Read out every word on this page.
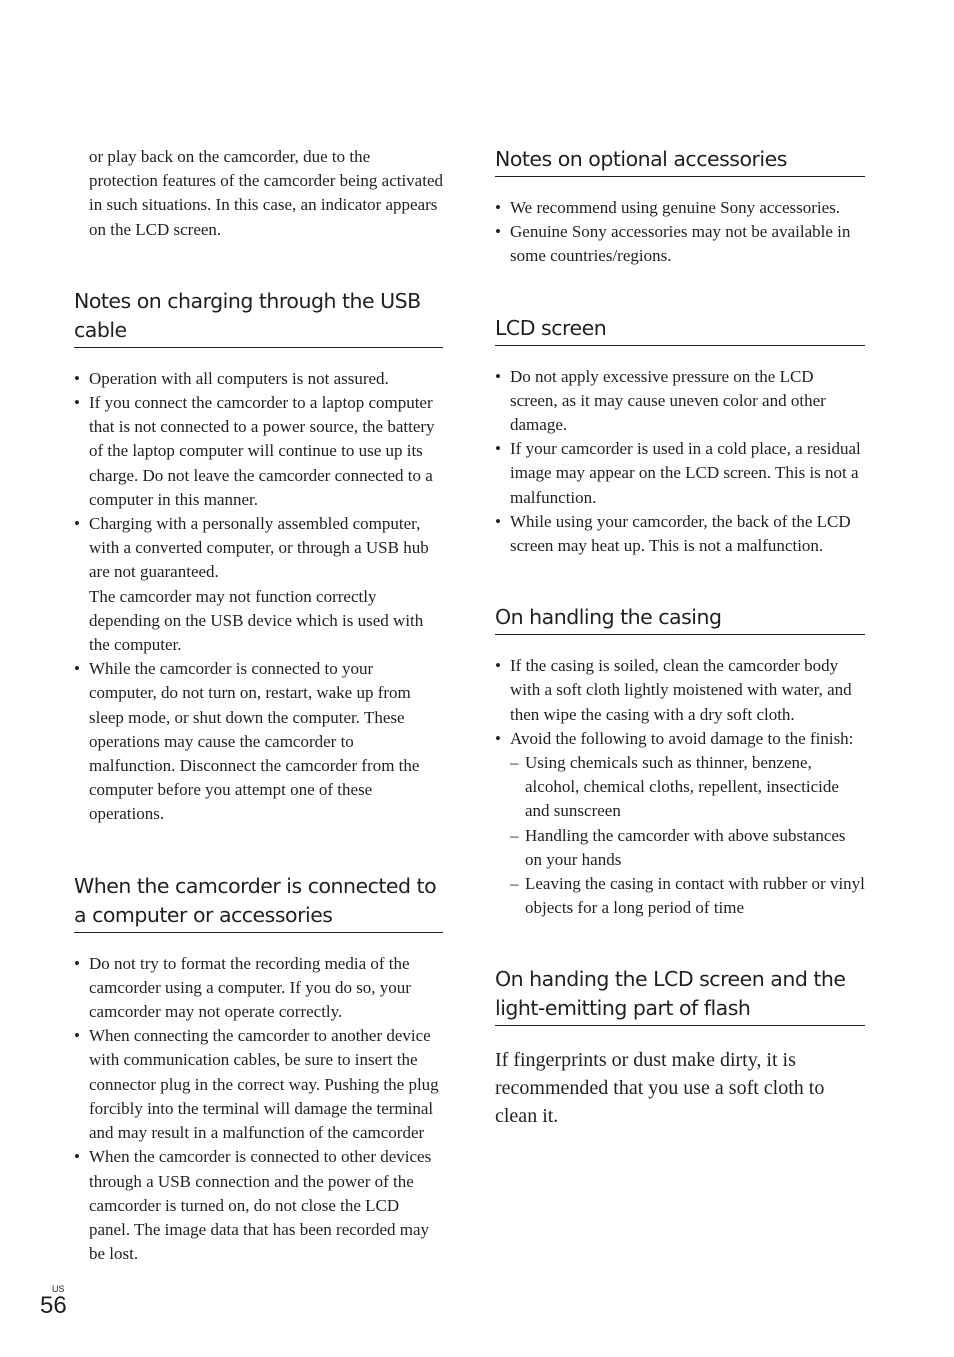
or play back on the camcorder, due to the protection features of the camcorder being activated in such situations. In this case, an indicator appears on the LCD screen.

Notes on charging through the USB cable
• Operation with all computers is not assured.
• If you connect the camcorder to a laptop computer that is not connected to a power source, the battery of the laptop computer will continue to use up its charge. Do not leave the camcorder connected to a computer in this manner.
• Charging with a personally assembled computer, with a converted computer, or through a USB hub are not guaranteed.
The camcorder may not function correctly depending on the USB device which is used with the computer.
• While the camcorder is connected to your computer, do not turn on, restart, wake up from sleep mode, or shut down the computer. These operations may cause the camcorder to malfunction. Disconnect the camcorder from the computer before you attempt one of these operations.
When the camcorder is connected to a computer or accessories
• Do not try to format the recording media of the camcorder using a computer. If you do so, your camcorder may not operate correctly.
• When connecting the camcorder to another device with communication cables, be sure to insert the connector plug in the correct way. Pushing the plug forcibly into the terminal will damage the terminal and may result in a malfunction of the camcorder
• When the camcorder is connected to other devices through a USB connection and the power of the camcorder is turned on, do not close the LCD panel. The image data that has been recorded may be lost.
Notes on optional accessories
• We recommend using genuine Sony accessories.
• Genuine Sony accessories may not be available in some countries/regions.
LCD screen
• Do not apply excessive pressure on the LCD screen, as it may cause uneven color and other damage.
• If your camcorder is used in a cold place, a residual image may appear on the LCD screen. This is not a malfunction.
• While using your camcorder, the back of the LCD screen may heat up. This is not a malfunction.
On handling the casing
• If the casing is soiled, clean the camcorder body with a soft cloth lightly moistened with water, and then wipe the casing with a dry soft cloth.
• Avoid the following to avoid damage to the finish:
– Using chemicals such as thinner, benzene, alcohol, chemical cloths, repellent, insecticide and sunscreen
– Handling the camcorder with above substances on your hands
– Leaving the casing in contact with rubber or vinyl objects for a long period of time
On handing the LCD screen and the light-emitting part of flash

If fingerprints or dust make dirty, it is recommended that you use a soft cloth to clean it.

US
56
